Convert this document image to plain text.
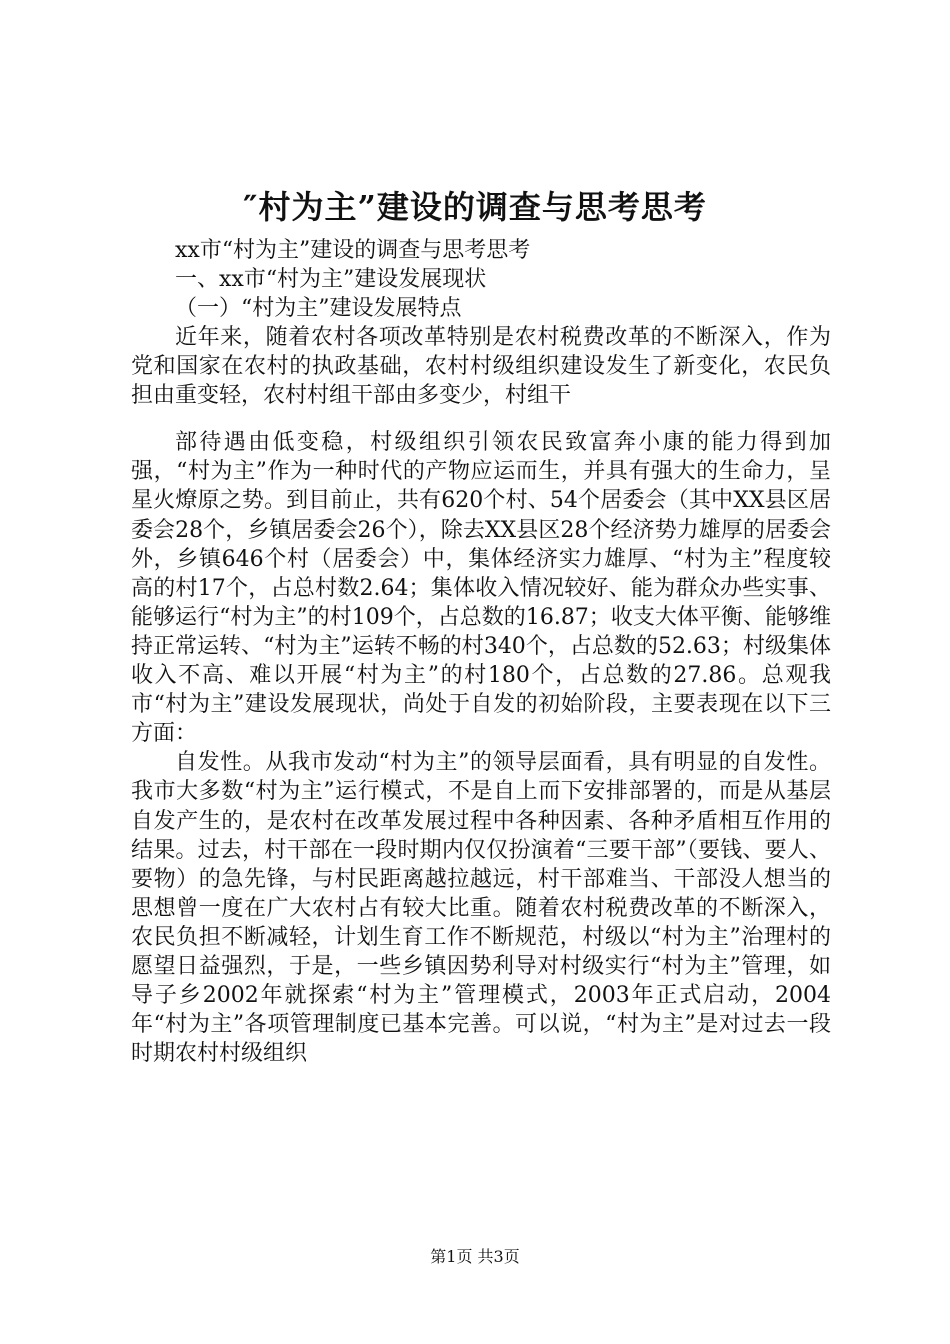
″村为主”建设的调查与思考思考

xx市“村为主”建设的调查与思考思考

一、xx市“村为主”建设发展现状

（一）“村为主”建设发展特点

近年来，随着农村各项改革特别是农村税费改革的不断深入，作为党和国家在农村的执政基础，农村村级组织建设发生了新变化，农民负担由重变轻，农村村组干部由多变少，村组干

部待遇由低变稳，村级组织引领农民致富奔小康的能力得到加强，“村为主”作为一种时代的产物应运而生，并具有强大的生命力，呈星火燎原之势。到目前止，共有620个村、54个居委会（其中XX县区居委会28个，乡镇居委会26个），除去XX县区28个经济势力雄厚的居委会外，乡镇646个村（居委会）中，集体经济实力雄厚、“村为主”程度较高的村17个，占总村数2.64；集体收入情况较好、能为群众办些实事、能够运行“村为主”的村109个，占总数的16.87；收支大体平衡、能够维持正常运转、“村为主”运转不畅的村340个，占总数的52.63；村级集体收入不高、难以开展“村为主”的村180个，占总数的27.86。总观我市“村为主”建设发展现状，尚处于自发的初始阶段，主要表现在以下三方面：

自发性。从我市发动“村为主”的领导层面看，具有明显的自发性。我市大多数“村为主”运行模式，不是自上而下安排部署的，而是从基层自发产生的，是农村在改革发展过程中各种因素、各种矛盾相互作用的结果。过去，村干部在一段时期内仅仅扮演着“三要干部”（要钱、要人、要物）的急先锋，与村民距离越拉越远，村干部难当、干部没人想当的思想曾一度在广大农村占有较大比重。随着农村税费改革的不断深入，农民负担不断减轻，计划生育工作不断规范，村级以“村为主”治理村的愿望日益强烈，于是，一些乡镇因势利导对村级实行“村为主”管理，如导子乡2002年就探索“村为主”管理模式，2003年正式启动，2004年“村为主”各项管理制度已基本完善。可以说，“村为主”是对过去一段时期农村村级组织

第1页 共3页
